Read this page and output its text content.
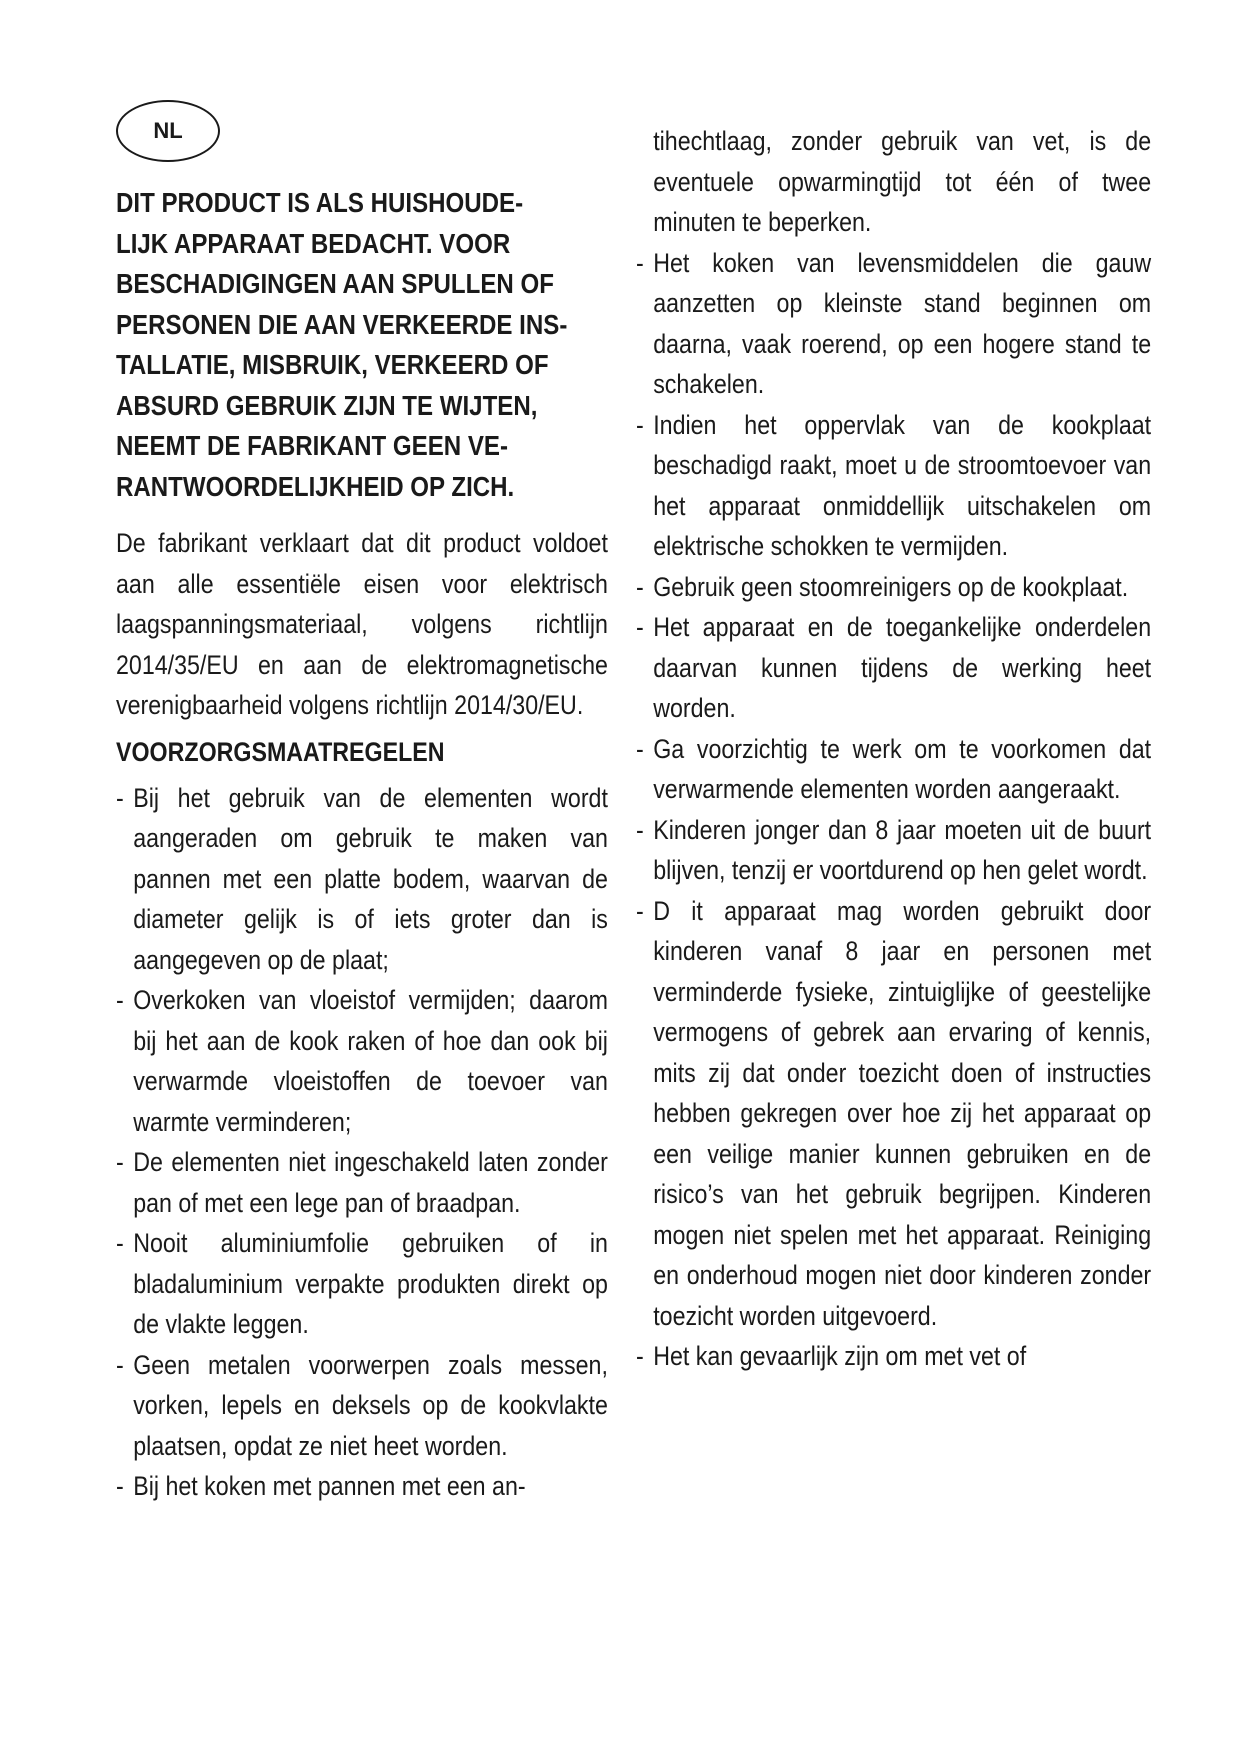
NL
DIT PRODUCT IS ALS HUISHOUDE-
LIJK APPARAAT BEDACHT. VOOR
BESCHADIGINGEN AAN SPULLEN OF
PERSONEN DIE AAN VERKEERDE INS-
TALLATIE, MISBRUIK, VERKEERD OF
ABSURD GEBRUIK ZIJN TE WIJTEN,
NEEMT DE FABRIKANT GEEN VE-
RANTWOORDELIJKHEID OP ZICH.

De fabrikant verklaart dat dit product voldoet aan alle essentiële eisen voor elektrisch laagspanningsmateriaal, volgens richtlijn 2014/35/EU en aan de elektromagnetische verenigbaarheid volgens richtlijn 2014/30/EU.

VOORZORGSMAATREGELEN
- Bij het gebruik van de elementen wordt aangeraden om gebruik te maken van pannen met een platte bodem, waarvan de diameter gelijk is of iets groter dan is aangegeven op de plaat;
- Overkoken van vloeistof vermijden; daarom bij het aan de kook raken of hoe dan ook bij verwarmde vloeistoffen de toevoer van warmte verminderen;
- De elementen niet ingeschakeld laten zonder pan of met een lege pan of braadpan.
- Nooit aluminiumfolie gebruiken of in bladaluminium verpakte produkten direkt op de vlakte leggen.
- Geen metalen voorwerpen zoals messen, vorken, lepels en deksels op de kookvlakte plaatsen, opdat ze niet heet worden.
- Bij het koken met pannen met een an-
tihechtlaag, zonder gebruik van vet, is de eventuele opwarmingtijd tot één of twee minuten te beperken.
- Het koken van levensmiddelen die gauw aanzetten op kleinste stand beginnen om daarna, vaak roerend, op een hogere stand te schakelen.
- Indien het oppervlak van de kookplaat beschadigd raakt, moet u de stroomtoevoer van het apparaat onmiddellijk uitschakelen om elektrische schokken te vermijden.
- Gebruik geen stoomreinigers op de kookplaat.
- Het apparaat en de toegankelijke onderdelen daarvan kunnen tijdens de werking heet worden.
- Ga voorzichtig te werk om te voorkomen dat verwarmende elementen worden aangeraakt.
- Kinderen jonger dan 8 jaar moeten uit de buurt blijven, tenzij er voortdurend op hen gelet wordt.
- D it apparaat mag worden gebruikt door kinderen vanaf 8 jaar en personen met verminderde fysieke, zintuiglijke of geestelijke vermogens of gebrek aan ervaring of kennis, mits zij dat onder toezicht doen of instructies hebben gekregen over hoe zij het apparaat op een veilige manier kunnen gebruiken en de risico’s van het gebruik begrijpen. Kinderen mogen niet spelen met het apparaat. Reiniging en onderhoud mogen niet door kinderen zonder toezicht worden uitgevoerd.
- Het kan gevaarlijk zijn om met vet of
